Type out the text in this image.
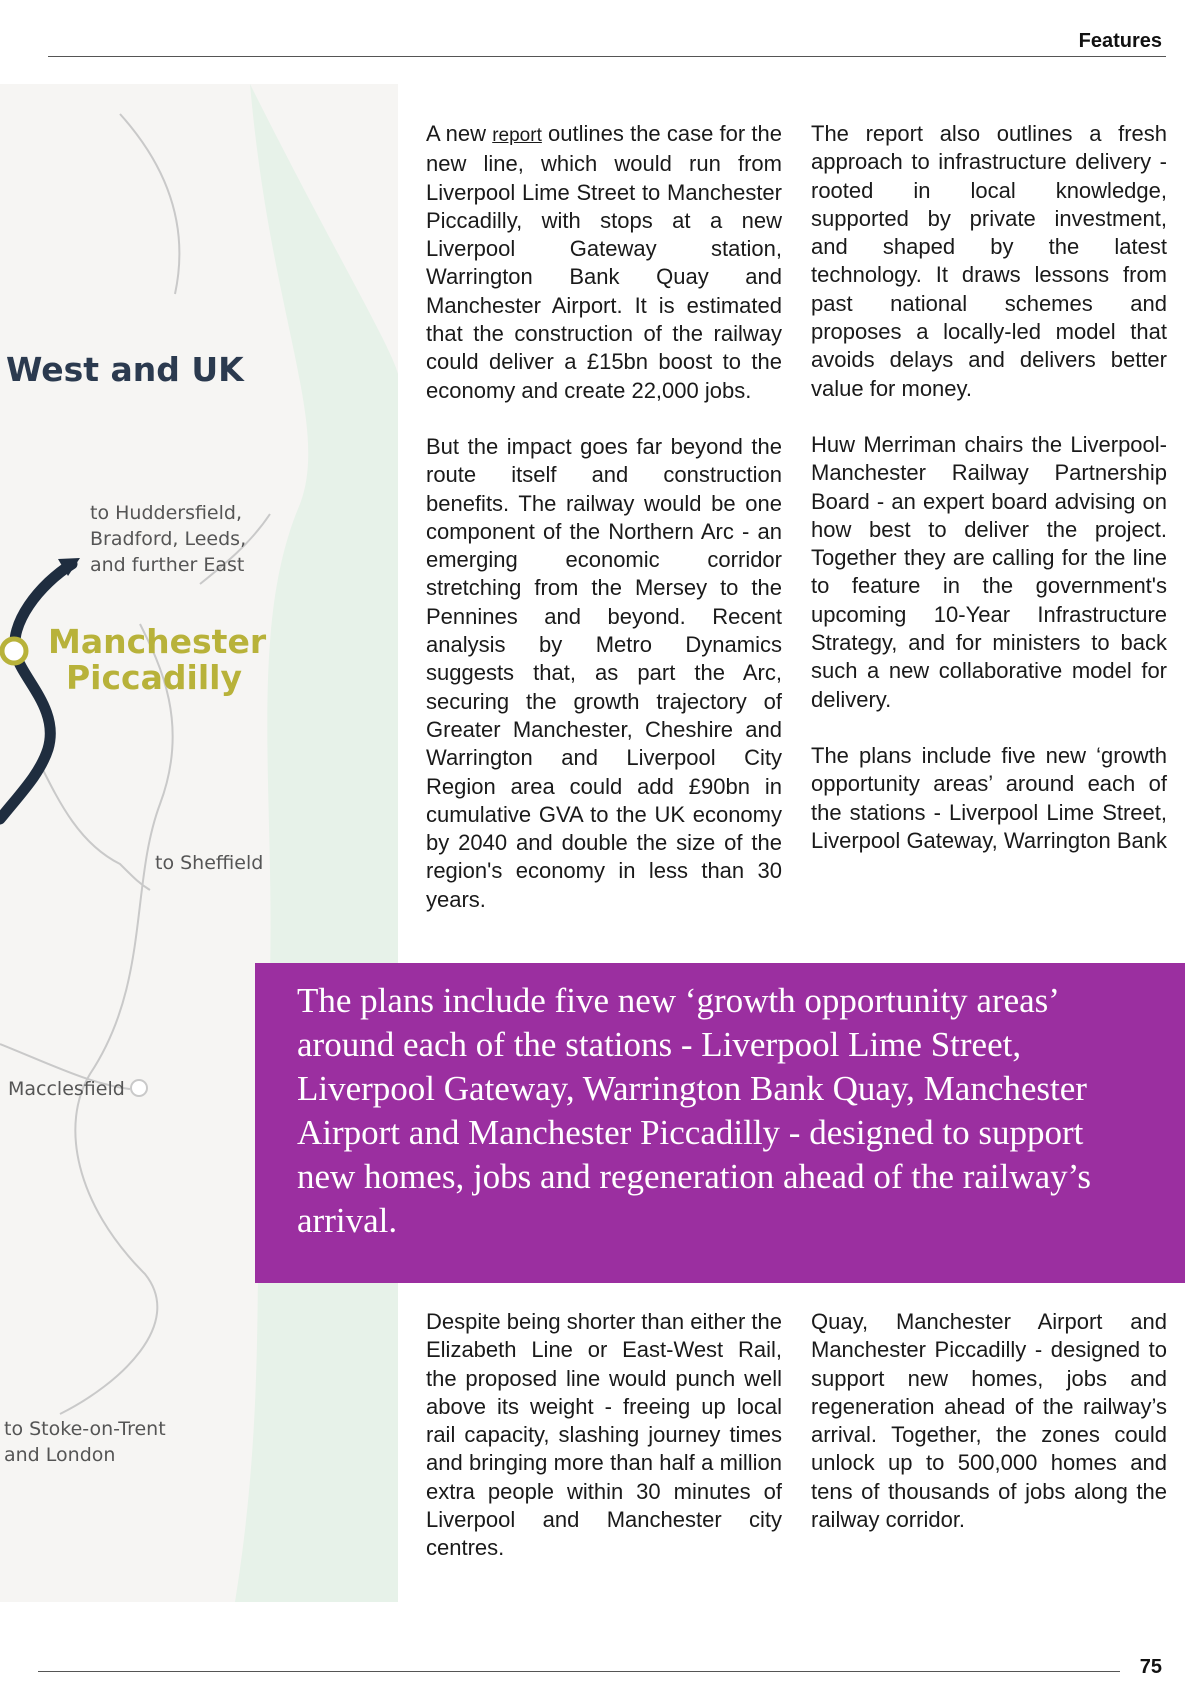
Features
West and UK
to Huddersfield,
Bradford, Leeds,
and further East
Manchester
Piccadilly
to Sheffield
Macclesfield
to Stoke-on-Trent
and London

A new report outlines the case for the new line, which would run from Liverpool Lime Street to Manchester Piccadilly, with stops at a new Liverpool Gateway station, Warrington Bank Quay and Manchester Airport. It is estimated that the construction of the railway could deliver a £15bn boost to the economy and create 22,000 jobs.

But the impact goes far beyond the route itself and construction benefits. The railway would be one component of the Northern Arc - an emerging economic corridor stretching from the Mersey to the Pennines and beyond. Recent analysis by Metro Dynamics suggests that, as part the Arc, securing the growth trajectory of Greater Manchester, Cheshire and Warrington and Liverpool City Region area could add £90bn in cumulative GVA to the UK economy by 2040 and double the size of the region's economy in less than 30 years.

The report also outlines a fresh approach to infrastructure delivery - rooted in local knowledge, supported by private investment, and shaped by the latest technology. It draws lessons from past national schemes and proposes a locally-led model that avoids delays and delivers better value for money.

Huw Merriman chairs the Liverpool-Manchester Railway Partnership Board - an expert board advising on how best to deliver the project. Together they are calling for the line to feature in the government's upcoming 10-Year Infrastructure Strategy, and for ministers to back such a new collaborative model for delivery.

The plans include five new ‘growth opportunity areas’ around each of the stations - Liverpool Lime Street, Liverpool Gateway, Warrington Bank

The plans include five new ‘growth opportunity areas’ around each of the stations - Liverpool Lime Street, Liverpool Gateway, Warrington Bank Quay, Manchester Airport and Manchester Piccadilly - designed to support new homes, jobs and regeneration ahead of the railway’s arrival.

Despite being shorter than either the Elizabeth Line or East-West Rail, the proposed line would punch well above its weight - freeing up local rail capacity, slashing journey times and bringing more than half a million extra people within 30 minutes of Liverpool and Manchester city centres.

Quay, Manchester Airport and Manchester Piccadilly - designed to support new homes, jobs and regeneration ahead of the railway’s arrival. Together, the zones could unlock up to 500,000 homes and tens of thousands of jobs along the railway corridor.

75
